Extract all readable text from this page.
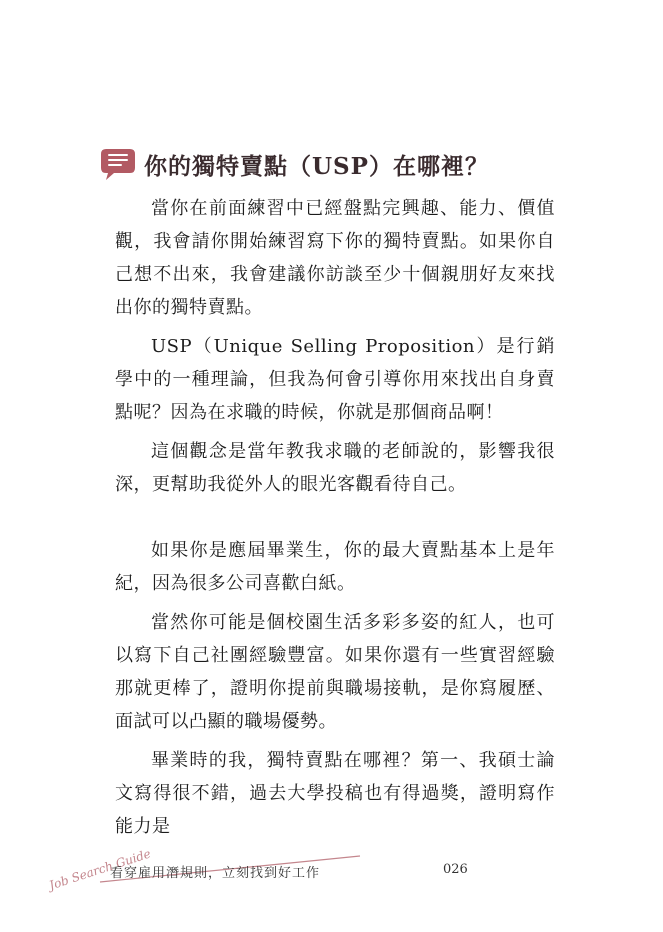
你的獨特賣點（USP）在哪裡？

當你在前面練習中已經盤點完興趣、能力、價值觀，我會請你開始練習寫下你的獨特賣點。如果你自己想不出來，我會建議你訪談至少十個親朋好友來找出你的獨特賣點。

USP（Unique Selling Proposition）是行銷學中的一種理論，但我為何會引導你用來找出自身賣點呢？因為在求職的時候，你就是那個商品啊！

這個觀念是當年教我求職的老師說的，影響我很深，更幫助我從外人的眼光客觀看待自己。

如果你是應屆畢業生，你的最大賣點基本上是年紀，因為很多公司喜歡白紙。

當然你可能是個校園生活多彩多姿的紅人，也可以寫下自己社團經驗豐富。如果你還有一些實習經驗那就更棒了，證明你提前與職場接軌，是你寫履歷、面試可以凸顯的職場優勢。

畢業時的我，獨特賣點在哪裡？第一、我碩士論文寫得很不錯，過去大學投稿也有得過獎，證明寫作能力是

Job Search Guide
看穿雇用潛規則，立刻找到好工作	026
